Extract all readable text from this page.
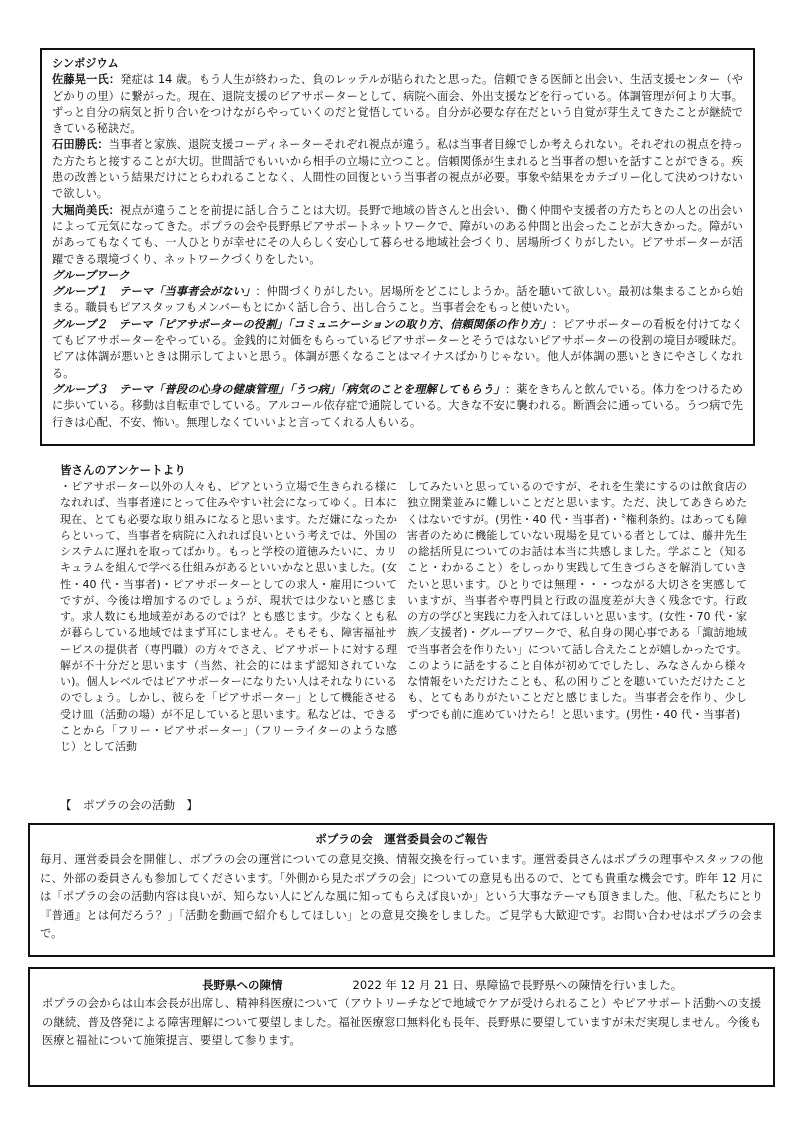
シンポジウム

佐藤晃一氏：発症は 14 歳。もう人生が終わった、負のレッテルが貼られたと思った。信頼できる医師と出会い、生活支援センター（やどかりの里）に繋がった。現在、退院支援のピアサポーターとして、病院へ面会、外出支援などを行っている。体調管理が何より大事。ずっと自分の病気と折り合いをつけながらやっていくのだと覚悟している。自分が必要な存在だという自覚が芽生えてきたことが継続できている秘訣だ。

石田勝氏：当事者と家族、退院支援コーディネーターそれぞれ視点が違う。私は当事者目線でしか考えられない。それぞれの視点を持った方たちと接することが大切。世間話でもいいから相手の立場に立つこと。信頼関係が生まれると当事者の想いを話すことができる。疾患の改善という結果だけにとらわれることなく、人間性の回復という当事者の視点が必要。事象や結果をカテゴリー化して決めつけないで欲しい。

大堀尚美氏：視点が違うことを前提に話し合うことは大切。長野で地域の皆さんと出会い、働く仲間や支援者の方たちとの人との出会いによって元気になってきた。ポプラの会や長野県ピアサポートネットワークで、障がいのある仲間と出会ったことが大きかった。障がいがあってもなくても、一人ひとりが幸せにその人らしく安心して暮らせる地域社会づくり、居場所づくりがしたい。ピアサポーターが活躍できる環境づくり、ネットワークづくりをしたい。

グループワーク

グループ１　テーマ「当事者会がない」：仲間づくりがしたい。居場所をどこにしようか。話を聴いて欲しい。最初は集まることから始まる。職員もピアスタッフもメンバーもとにかく話し合う、出し合うこと。当事者会をもっと使いたい。

グループ２　テーマ「ピアサポーターの役割」「コミュニケーションの取り方、信頼関係の作り方」：ピアサポーターの看板を付けてなくてもピアサポーターをやっている。金銭的に対価をもらっているピアサポーターとそうではないピアサポーターの役割の境目が曖昧だ。ピアは体調が悪いときは開示してよいと思う。体調が悪くなることはマイナスばかりじゃない。他人が体調の悪いときにやさしくなれる。

グループ３　テーマ「普段の心身の健康管理」「うつ病」「病気のことを理解してもらう」：薬をきちんと飲んでいる。体力をつけるために歩いている。移動は自転車でしている。アルコール依存症で通院している。大きな不安に襲われる。断酒会に通っている。うつ病で先行きは心配、不安、怖い。無理しなくていいよと言ってくれる人もいる。

皆さんのアンケートより

・ピアサポーター以外の人々も、ピアという立場で生きられる様になれれば、当事者達にとって住みやすい社会になってゆく。日本に現在、とても必要な取り組みになると思います。ただ嫌になったからといって、当事者を病院に入れれば良いという考えでは、外国のシステムに遅れを取ってばかり。もっと学校の道徳みたいに、カリキュラムを組んで学べる仕組みがあるといいかなと思いました。(女性・40 代・当事者)・ピアサポーターとしての求人・雇用についてですが、今後は増加するのでしょうが、現状では少ないと感じます。求人数にも地域差があるのでは？とも感じます。少なくとも私が暮らしている地域ではまず耳にしません。そもそも、障害福祉サービスの提供者（専門職）の方々でさえ、ピアサポートに対する理解が不十分だと思います（当然、社会的にはまず認知されていない)。個人レベルではピアサポーターになりたい人はそれなりにいるのでしょう。しかし、彼らを「ピアサポーター」として機能させる受け皿（活動の場）が不足していると思います。私などは、できることから「フリー・ピアサポーター」（フリーライターのような感じ）として活動

してみたいと思っているのですが、それを生業にするのは飲食店の独立開業並みに難しいことだと思います。ただ、決してあきらめたくはないですが。(男性・40 代・当事者)・〝権利条約〟はあっても障害者のために機能していない現場を見ている者としては、藤井先生の総括所見についてのお話は本当に共感しました。学ぶこと（知ること・わかること）をしっかり実践して生きづらさを解消していきたいと思います。ひとりでは無理・・・つながる大切さを実感していますが、当事者や専門員と行政の温度差が大きく残念です。行政の方の学びと実践に力を入れてほしいと思います。(女性・70 代・家族／支援者)・グループワークで、私自身の関心事である「諏訪地域で当事者会を作りたい」について話し合えたことが嬉しかったです。このように話をすること自体が初めてでしたし、みなさんから様々な情報をいただけたことも、私の困りごとを聴いていただけたことも、とてもありがたいことだと感じました。当事者会を作り、少しずつでも前に進めていけたら！と思います。(男性・40 代・当事者)

【　ポプラの会の活動　】
ポプラの会　運営委員会のご報告

毎月、運営委員会を開催し、ポプラの会の運営についての意見交換、情報交換を行っています。運営委員さんはポプラの理事やスタッフの他に、外部の委員さんも参加してくださいます。「外側から見たポプラの会」についての意見も出るので、とても貴重な機会です。昨年 12 月には「ポプラの会の活動内容は良いが、知らない人にどんな風に知ってもらえば良いか」という大事なテーマも頂きました。他、「私たちにとり『普通』とは何だろう？」「活動を動画で紹介もしてほしい」との意見交換をしました。ご見学も大歓迎です。お問い合わせはポプラの会まで。

長野県への陳情	2022 年 12 月 21 日、県障協で長野県への陳情を行いました。

ポプラの会からは山本会長が出席し、精神科医療について（アウトリーチなどで地域でケアが受けられること）やピアサポート活動への支援の継続、普及啓発による障害理解について要望しました。福祉医療窓口無料化も長年、長野県に要望していますが未だ実現しません。今後も医療と福祉について施策提言、要望して参ります。
